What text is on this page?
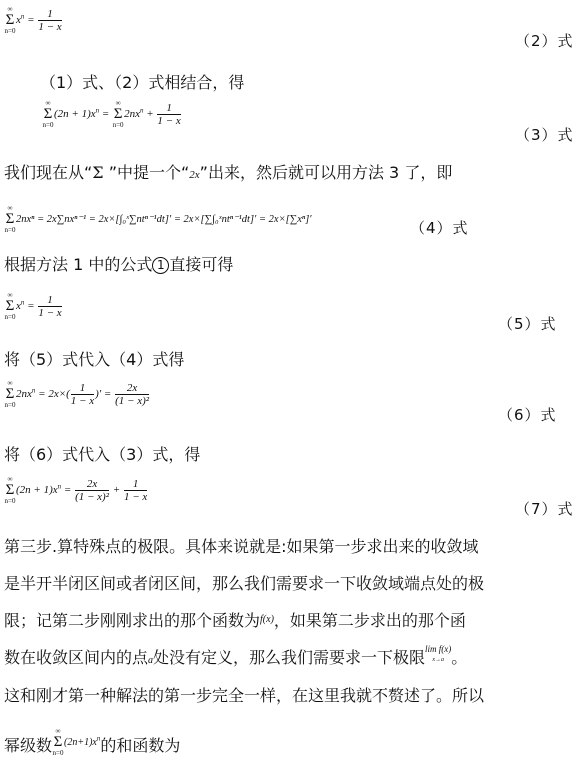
∞
Σ
n=0
$x^n = \frac{1}{1 - x}$
（2）式
（1）式、（2）式相结合，得
∞
Σ
n=0
$(2n + 1)x^n$ =
∞
Σ
n=0
$2nx^n + \frac{1}{1 - x}$
（3）式
我们现在从“Σ ”中提一个“2x”出来，然后就可以用方法 3 了，即
∞
Σ
n=0
2nxⁿ = 2x∑nxⁿ⁻¹ = 2x×[∫₀ˣ∑ntⁿ⁻¹dt]′ = 2x×[∑∫₀ˣntⁿ⁻¹dt]′ = 2x×[∑xⁿ]′	（4）式
根据方法 1 中的公式 1 直接可得
∞
Σ
n=0
$x^n = \frac{1}{1 - x}$
（5）式
将（5）式代入（4）式得
∞
Σ
n=0
$2nx^n = 2x\times( \frac{1}{1 - x}$ )′ = $\frac{2x}{\text{(1 − x)²}}$
（6）式
将（6）式代入（3）式，得
∞
Σ
n=0
$(2n + 1)x^n = \frac{2x}{\text{(1 − x)²}} + \frac{1}{1 - x}$
（7）式
第三步.算特殊点的极限。具体来说就是:如果第一步求出来的收敛域
是半开半闭区间或者闭区间，那么我们需要求一下收敛域端点处的极
限；记第二步刚刚求出的那个函数为$^{f(x)}$，如果第二步求出的那个函
数在收敛区间内的点a处没有定义，那么我们需要求一下极限lim f(x)
x→a 。
这和刚才第一种解法的第一步完全一样，在这里我就不赘述了。所以
幂级数
$^{\infty \Sigma n=0 (2n+1)x^n}$的和函数为
